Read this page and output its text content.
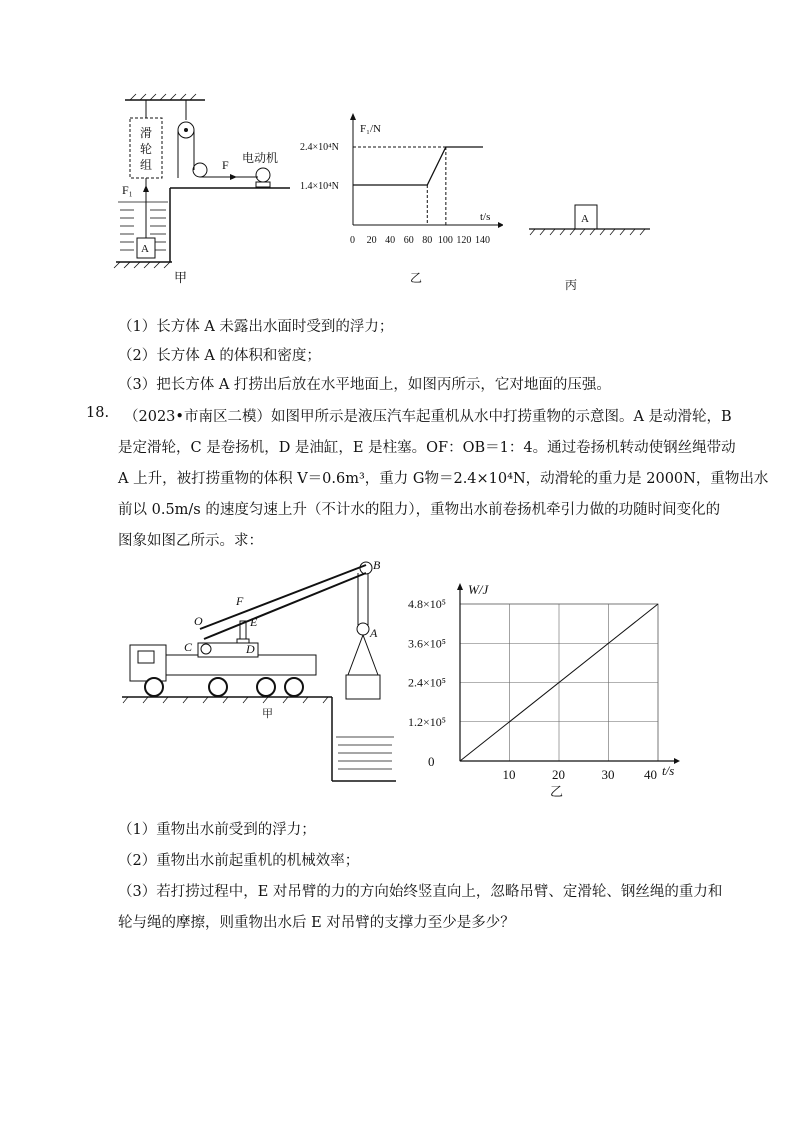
滑
轮
组	F 电动机
F₁
A
甲
F₁/N
t/s
2.4×10⁴N
1.4×10⁴N
0 20 40 60 80 100 120 140
乙
A
丙
（1）长方体 A 未露出水面时受到的浮力；
（2）长方体 A 的体积和密度；
（3）把长方体 A 打捞出后放在水平地面上，如图丙所示，它对地面的压强。
18. （2023•市南区二模）如图甲所示是液压汽车起重机从水中打捞重物的示意图。A 是动滑轮，B
是定滑轮，C 是卷扬机，D 是油缸，E 是柱塞。OF：OB＝1：4。通过卷扬机转动使钢丝绳带动
A 上升，被打捞重物的体积 V＝0.6m³，重力 G物＝2.4×10⁴N，动滑轮的重力是 2000N，重物出水
前以 0.5m/s 的速度匀速上升（不计水的阻力），重物出水前卷扬机牵引力做的功随时间变化的
图象如图乙所示。求：
B
F
O	E
A
C	D
甲
W/J
t/s
1.2×10⁵
2.4×10⁵
3.6×10⁵
4.8×10⁵
0
10	20	30 40
乙
（1）重物出水前受到的浮力；
（2）重物出水前起重机的机械效率；
（3）若打捞过程中，E 对吊臂的力的方向始终竖直向上，忽略吊臂、定滑轮、钢丝绳的重力和
轮与绳的摩擦，则重物出水后 E 对吊臂的支撑力至少是多少？
